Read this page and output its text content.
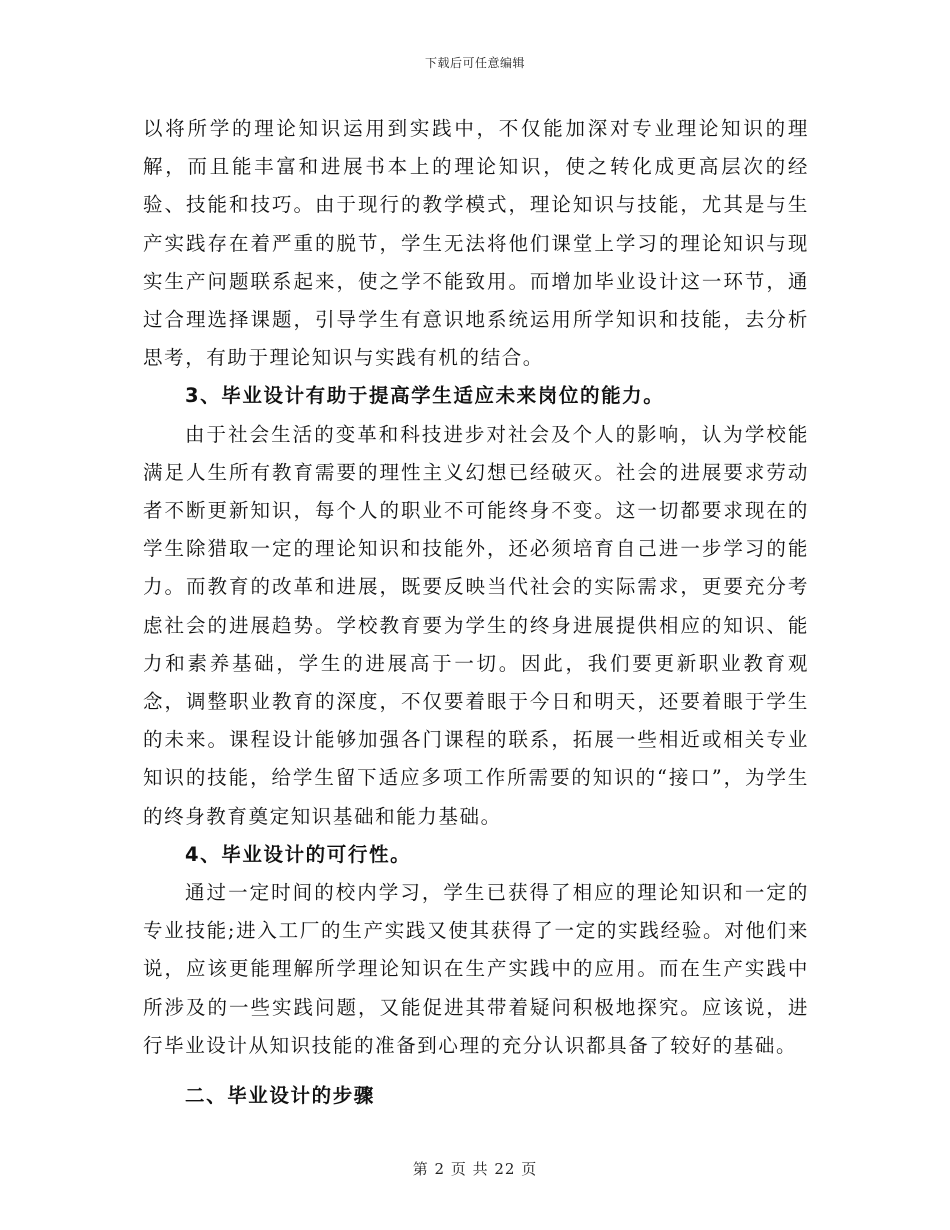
下载后可任意编辑

以将所学的理论知识运用到实践中，不仅能加深对专业理论知识的理解，而且能丰富和进展书本上的理论知识，使之转化成更高层次的经验、技能和技巧。由于现行的教学模式，理论知识与技能，尤其是与生产实践存在着严重的脱节，学生无法将他们课堂上学习的理论知识与现实生产问题联系起来，使之学不能致用。而增加毕业设计这一环节，通过合理选择课题，引导学生有意识地系统运用所学知识和技能，去分析思考，有助于理论知识与实践有机的结合。

3、毕业设计有助于提高学生适应未来岗位的能力。

由于社会生活的变革和科技进步对社会及个人的影响，认为学校能满足人生所有教育需要的理性主义幻想已经破灭。社会的进展要求劳动者不断更新知识，每个人的职业不可能终身不变。这一切都要求现在的学生除猎取一定的理论知识和技能外，还必须培育自己进一步学习的能力。而教育的改革和进展，既要反映当代社会的实际需求，更要充分考虑社会的进展趋势。学校教育要为学生的终身进展提供相应的知识、能力和素养基础，学生的进展高于一切。因此，我们要更新职业教育观念，调整职业教育的深度，不仅要着眼于今日和明天，还要着眼于学生的未来。课程设计能够加强各门课程的联系，拓展一些相近或相关专业知识的技能，给学生留下适应多项工作所需要的知识的“接口”，为学生的终身教育奠定知识基础和能力基础。

4、毕业设计的可行性。

通过一定时间的校内学习，学生已获得了相应的理论知识和一定的专业技能;进入工厂的生产实践又使其获得了一定的实践经验。对他们来说，应该更能理解所学理论知识在生产实践中的应用。而在生产实践中所涉及的一些实践问题，又能促进其带着疑问积极地探究。应该说，进行毕业设计从知识技能的准备到心理的充分认识都具备了较好的基础。

二、毕业设计的步骤

第 2 页 共 22 页
